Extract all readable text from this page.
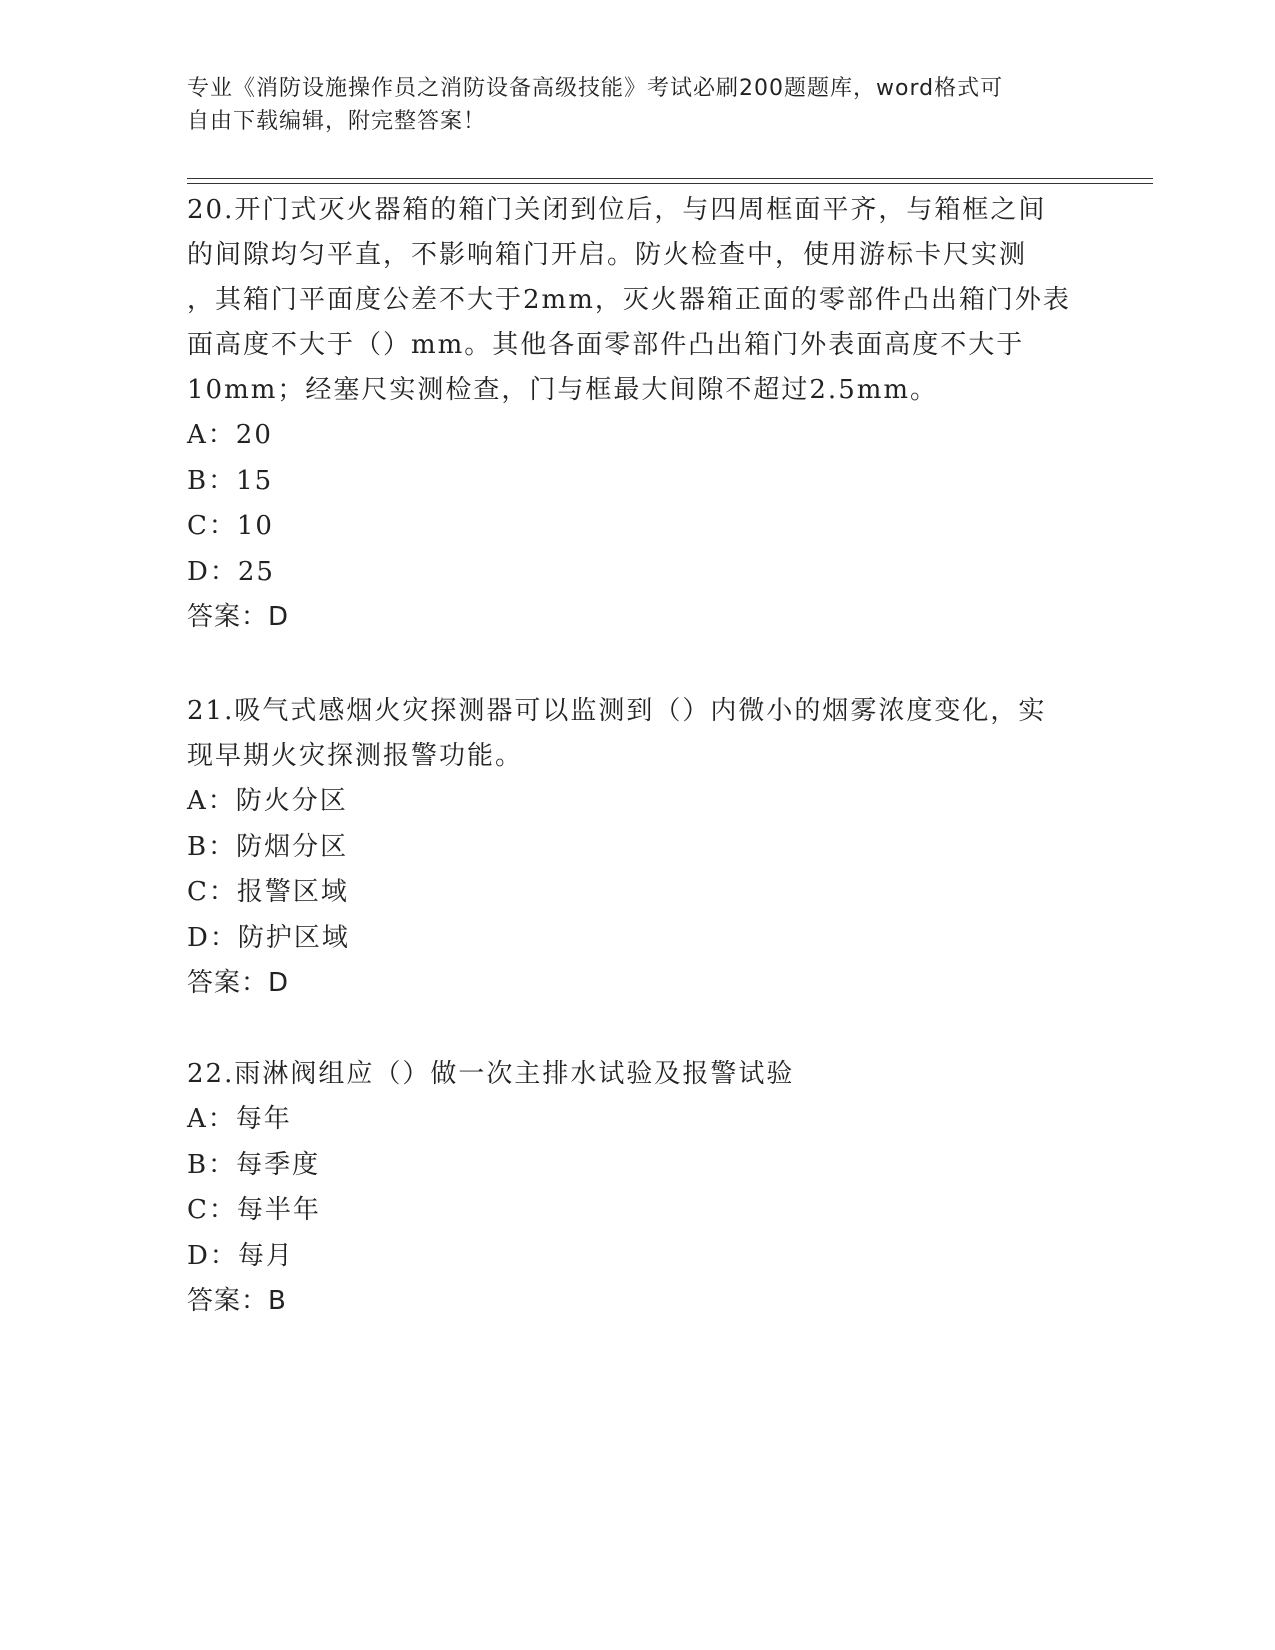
专业《消防设施操作员之消防设备高级技能》考试必刷200题题库，word格式可
自由下载编辑，附完整答案！

20.开门式灭火器箱的箱门关闭到位后，与四周框面平齐，与箱框之间

的间隙均匀平直，不影响箱门开启。防火检查中，使用游标卡尺实测

，其箱门平面度公差不大于2mm，灭火器箱正面的零部件凸出箱门外表

面高度不大于（）mm。其他各面零部件凸出箱门外表面高度不大于

10mm；经塞尺实测检查，门与框最大间隙不超过2.5mm。

A：20

B：15

C：10

D：25

答案：D

21.吸气式感烟火灾探测器可以监测到（）内微小的烟雾浓度变化，实

现早期火灾探测报警功能。

A：防火分区

B：防烟分区

C：报警区域

D：防护区域

答案：D

22.雨淋阀组应（）做一次主排水试验及报警试验

A：每年

B：每季度

C：每半年

D：每月

答案：B
